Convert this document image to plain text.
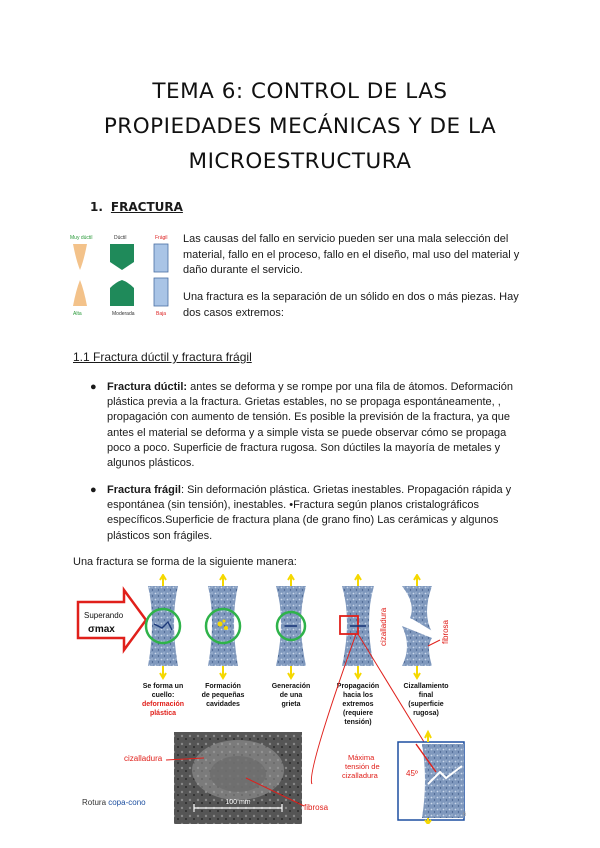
TEMA 6: CONTROL DE LAS
PROPIEDADES MECÁNICAS Y DE LA
MICROESTRUCTURA
1. FRACTURA
Muy dúctil	Dúctil	Frágil
Alta	Moderada	Baja

Las causas del fallo en servicio pueden ser una mala selección del material, fallo en el proceso, fallo en el diseño, mal uso del material y daño durante el servicio.

Una fractura es la separación de un sólido en dos o más piezas. Hay dos casos extremos:

1.1 Fractura dúctil y fractura frágil
● Fractura dúctil: antes se deforma y se rompe por una fila de átomos. Deformación plástica previa a la fractura. Grietas estables, no se propaga espontáneamente, , propagación con aumento de tensión. Es posible la previsión de la fractura, ya que antes el material se deforma y a simple vista se puede observar cómo se propaga poco a poco. Superficie de fractura rugosa. Son dúctiles la mayoría de metales y algunos plásticos.
● Fractura frágil: Sin deformación plástica. Grietas inestables. Propagación rápida y espontánea (sin tensión), inestables. •Fractura según planos cristalográficos específicos.Superficie de fractura plana (de grano fino) Las cerámicas y algunos plásticos son frágiles.

Una fractura se forma de la siguiente manera:

Superando
σmax	cizalladura	fibrosa
Se forma un
cuello:
deformación
plástica
Formación
de pequeñas
cavidades
Generación
de una
grieta
Propagación
hacia los
extremos
(requiere
tensión)
Cizallamiento
final
(superficie
rugosa)
100 mm
cizalladura
fibrosa
Rotura copa-cono
45º
Máxima
tensión de
cizalladura
6
